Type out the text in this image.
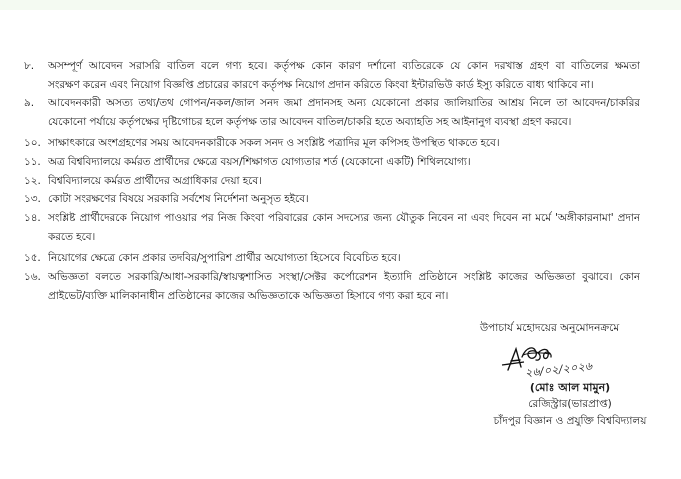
৮.	অসম্পূর্ণ আবেদন সরাসরি বাতিল বলে গণ্য হবে। কর্তৃপক্ষ কোন কারণ দর্শানো ব্যতিরেকে যে কোন দরখাস্ত গ্রহণ বা বাতিলের ক্ষমতা
সংরক্ষণ করেন এবং নিয়োগ বিজ্ঞপ্তি প্রচারের কারণে কর্তৃপক্ষ নিয়োগ প্রদান করিতে কিংবা ইন্টারভিউ কার্ড ইস্যু করিতে বাধ্য থাকিবে না।
৯.	আবেদনকারী অসত্য তথ্য/তথ গোপন/নকল/জাল সনদ জমা প্রদানসহ অন্য যেকোনো প্রকার জালিয়াতির আশ্রয় নিলে তা আবেদন/চাকরির
যেকোনো পর্যায়ে কর্তৃপক্ষের দৃষ্টিগোচর হলে কর্তৃপক্ষ তার আবেদন বাতিল/চাকরি হতে অব্যাহতি সহ আইনানুগ ব্যবস্থা গ্রহণ করবে।
১০. সাক্ষাৎকারে অংশগ্রহণের সময় আবেদনকারীকে সকল সনদ ও সংশ্লিষ্ট পত্রাদির মূল কপিসহ উপস্থিত থাকতে হবে।
১১. অত্র বিশ্ববিদ্যালয়ে কর্মরত প্রার্থীদের ক্ষেত্রে বয়স/শিক্ষাগত যোগ্যতার শর্ত (যেকোনো একটি) শিথিলযোগ্য।
১২. বিশ্ববিদ্যালয়ে কর্মরত প্রার্থীদের অগ্রাধিকার দেয়া হবে।
১৩. কোটা সংরক্ষণের বিষয়ে সরকারি সর্বশেষ নির্দেশনা অনুসৃত হইবে।
১৪. সংশ্লিষ্ট প্রার্থীদেরকে নিয়োগ পাওয়ার পর নিজ কিংবা পরিবারের কোন সদস্যের জন্য যৌতুক নিবেন না এবং দিবেন না মর্মে 'অঙ্গীকারনামা' প্রদান
করতে হবে।
১৫. নিয়োগের ক্ষেত্রে কোন প্রকার তদবির/সুপারিশ প্রার্থীর অযোগ্যতা হিসেবে বিবেচিত হবে।
১৬. অভিজ্ঞতা বলতে সরকারি/আধা-সরকারি/স্বায়ত্বশাসিত সংস্থা/সেক্টর কর্পোরেশন ইত্যাদি প্রতিষ্ঠানে সংশ্লিষ্ট কাজের অভিজ্ঞতা বুঝাবে। কোন
প্রাইভেট/ব্যক্তি মালিকানাধীন প্রতিষ্ঠানের কাজের অভিজ্ঞতাকে অভিজ্ঞতা হিসাবে গণ্য করা হবে না।
উপাচার্য মহোদয়ের অনুমোদনক্রমে
২৬/০২/২০২৬
(মোঃ আল মামুন)
রেজিস্ট্রার(ভারপ্রাপ্ত)
চাঁদপুর বিজ্ঞান ও প্রযুক্তি বিশ্ববিদ্যালয়
